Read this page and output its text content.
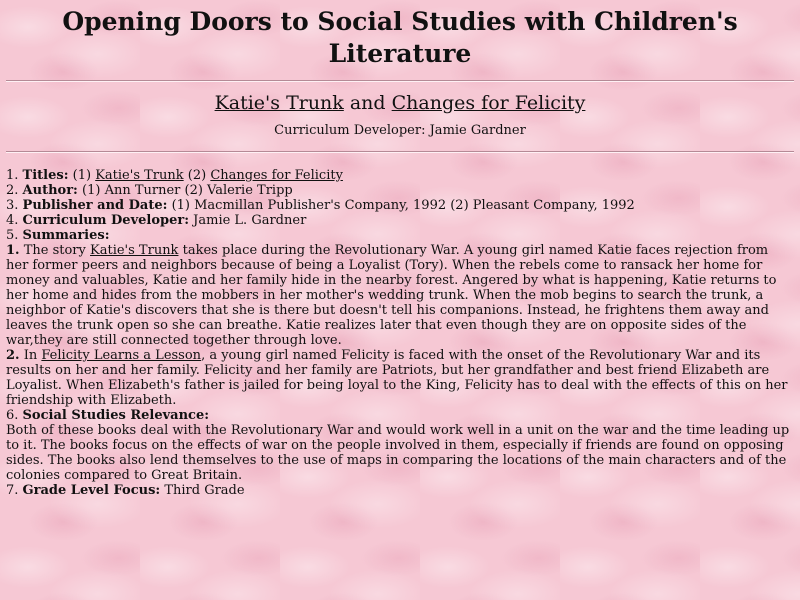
Opening Doors to Social Studies with Children's Literature
Katie's Trunk and Changes for Felicity
Curriculum Developer: Jamie Gardner

1. Titles: (1) Katie's Trunk (2) Changes for Felicity

2. Author: (1) Ann Turner (2) Valerie Tripp

3. Publisher and Date: (1) Macmillan Publisher's Company, 1992 (2) Pleasant Company, 1992

4. Curriculum Developer: Jamie L. Gardner

5. Summaries:

1. The story Katie's Trunk takes place during the Revolutionary War. A young girl named Katie faces rejection from her former peers and neighbors because of being a Loyalist (Tory). When the rebels come to ransack her home for money and valuables, Katie and her family hide in the nearby forest. Angered by what is happening, Katie returns to her home and hides from the mobbers in her mother's wedding trunk. When the mob begins to search the trunk, a neighbor of Katie's discovers that she is there but doesn't tell his companions. Instead, he frightens them away and leaves the trunk open so she can breathe. Katie realizes later that even though they are on opposite sides of the war,they are still connected together through love.

2. In Felicity Learns a Lesson, a young girl named Felicity is faced with the onset of the Revolutionary War and its results on her and her family. Felicity and her family are Patriots, but her grandfather and best friend Elizabeth are Loyalist. When Elizabeth's father is jailed for being loyal to the King, Felicity has to deal with the effects of this on her friendship with Elizabeth.

6. Social Studies Relevance:
Both of these books deal with the Revolutionary War and would work well in a unit on the war and the time leading up to it. The books focus on the effects of war on the people involved in them, especially if friends are found on opposing sides. The books also lend themselves to the use of maps in comparing the locations of the main characters and of the colonies compared to Great Britain.

7. Grade Level Focus: Third Grade
